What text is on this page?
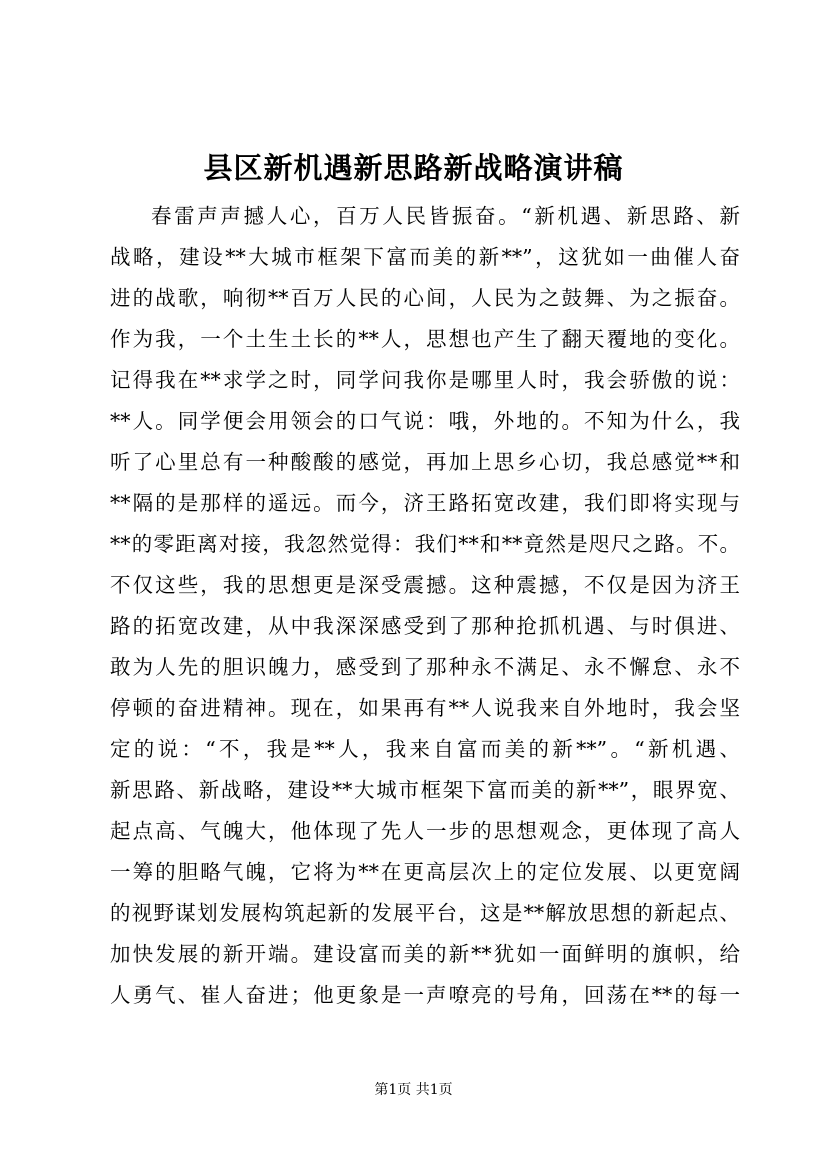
县区新机遇新思路新战略演讲稿
春雷声声撼人心，百万人民皆振奋。“新机遇、新思路、新
战略，建设**大城市框架下富而美的新**”，这犹如一曲催人奋
进的战歌，响彻**百万人民的心间，人民为之鼓舞、为之振奋。
作为我，一个土生土长的**人，思想也产生了翻天覆地的变化。
记得我在**求学之时，同学问我你是哪里人时，我会骄傲的说：
**人。同学便会用领会的口气说：哦，外地的。不知为什么，我
听了心里总有一种酸酸的感觉，再加上思乡心切，我总感觉**和
**隔的是那样的遥远。而今，济王路拓宽改建，我们即将实现与
**的零距离对接，我忽然觉得：我们**和**竟然是咫尺之路。不。
不仅这些，我的思想更是深受震撼。这种震撼，不仅是因为济王
路的拓宽改建，从中我深深感受到了那种抢抓机遇、与时俱进、
敢为人先的胆识魄力，感受到了那种永不满足、永不懈怠、永不
停顿的奋进精神。现在，如果再有**人说我来自外地时，我会坚
定的说：“不，我是**人，我来自富而美的新**”。“新机遇、
新思路、新战略，建设**大城市框架下富而美的新**”，眼界宽、
起点高、气魄大，他体现了先人一步的思想观念，更体现了高人
一筹的胆略气魄，它将为**在更高层次上的定位发展、以更宽阔
的视野谋划发展构筑起新的发展平台，这是**解放思想的新起点、
加快发展的新开端。建设富而美的新**犹如一面鲜明的旗帜，给
人勇气、崔人奋进；他更象是一声嘹亮的号角，回荡在**的每一
第1页 共1页
